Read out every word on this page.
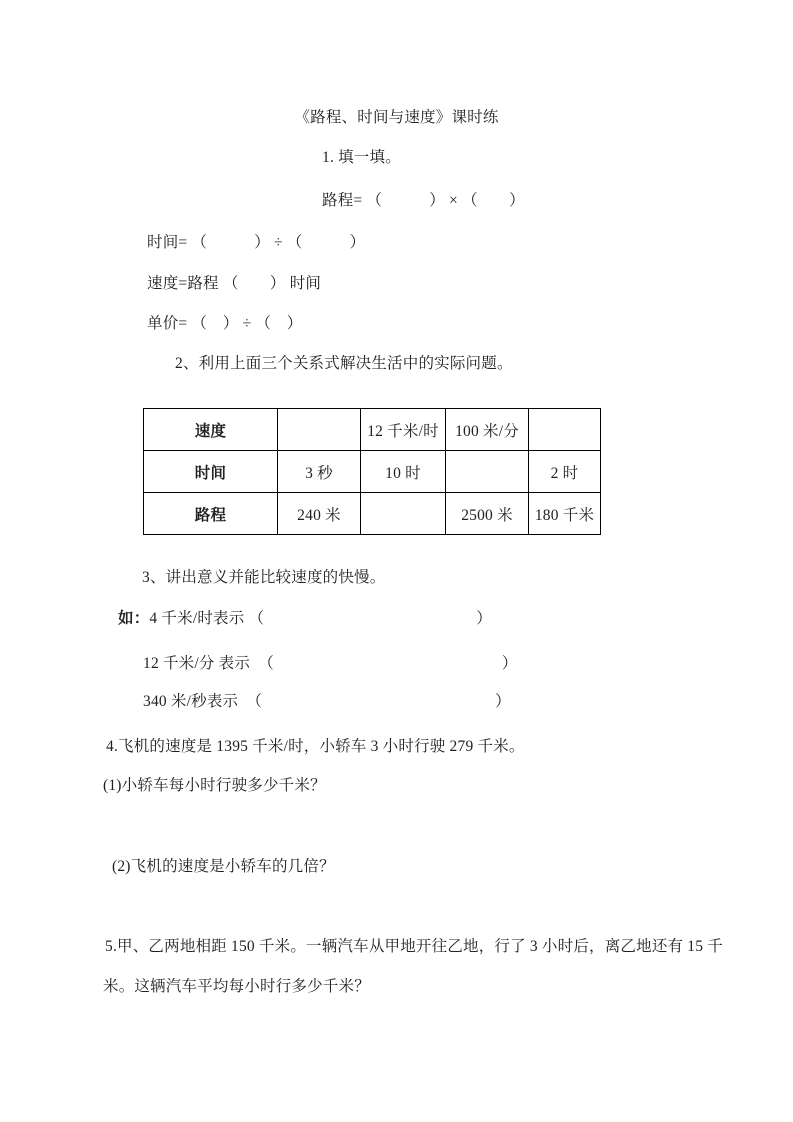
《路程、时间与速度》课时练
1. 填一填。
路程= （　　　） × （　　）
时间= （　　　） ÷ （　　　）
速度=路程 （　　） 时间
单价= （　） ÷ （　）
2、利用上面三个关系式解决生活中的实际问题。
速度		12 千米/时	100 米/分	
时间	3 秒	10 时		2 时
路程	240 米		2500 米	180 千米
3、讲出意义并能比较速度的快慢。
如：4 千米/时表示 （	）
12 千米/分 表示  （	）
340 米/秒表示  （	）
4.飞机的速度是 1395 千米/时，小轿车 3 小时行驶 279 千米。
(1)小轿车每小时行驶多少千米？
(2)飞机的速度是小轿车的几倍？
5.甲、乙两地相距 150 千米。一辆汽车从甲地开往乙地，行了 3 小时后，离乙地还有 15 千
米。这辆汽车平均每小时行多少千米？
